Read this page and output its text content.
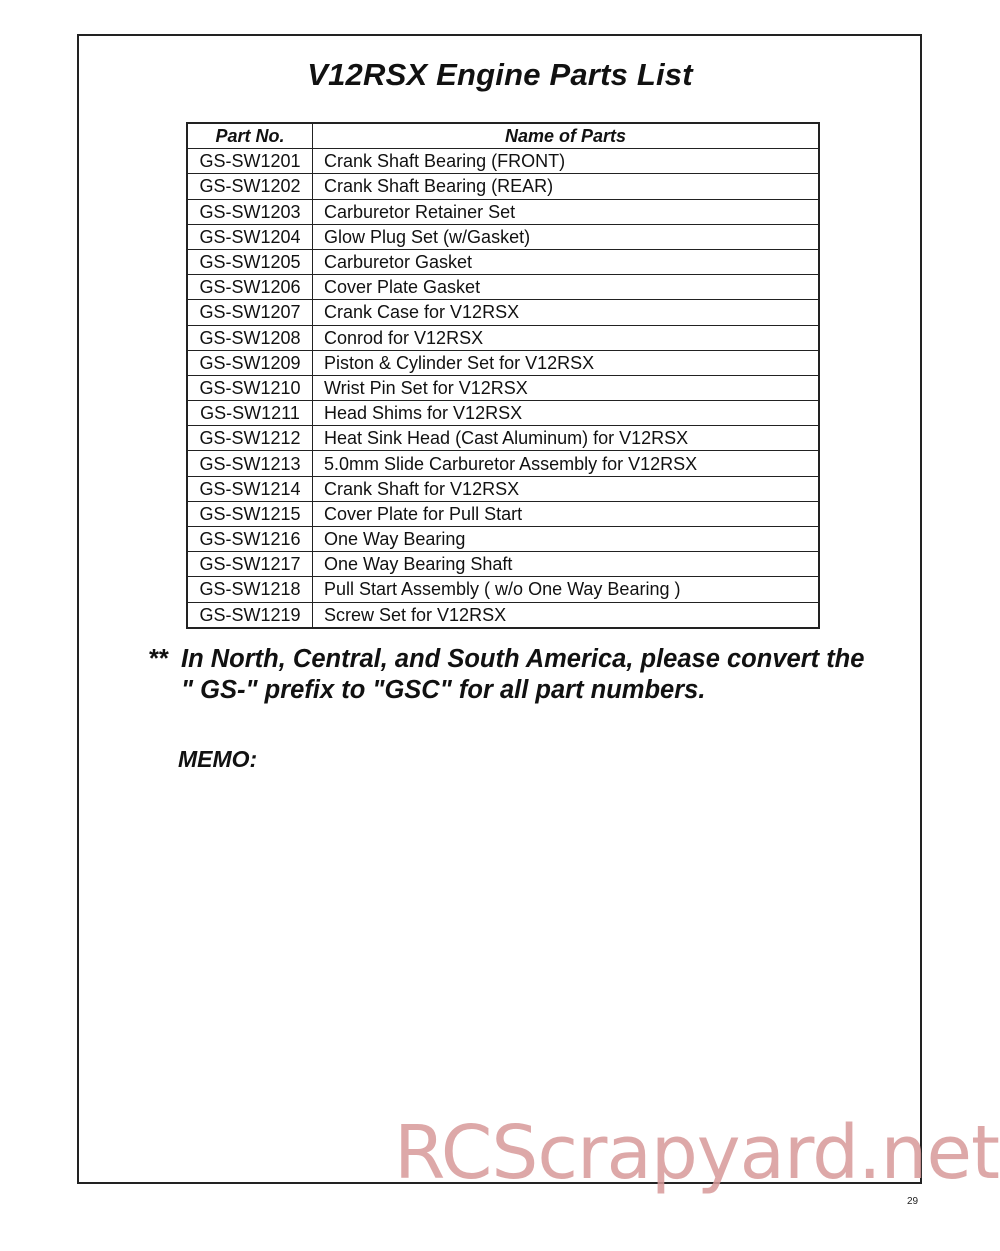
V12RSX Engine Parts List
Part No.	Name of Parts
GS-SW1201	Crank Shaft Bearing (FRONT)
GS-SW1202	Crank Shaft Bearing (REAR)
GS-SW1203	Carburetor Retainer Set
GS-SW1204	Glow Plug Set (w/Gasket)
GS-SW1205	Carburetor Gasket
GS-SW1206	Cover Plate Gasket
GS-SW1207	Crank Case for V12RSX
GS-SW1208	Conrod for V12RSX
GS-SW1209	Piston & Cylinder Set for V12RSX
GS-SW1210	Wrist Pin Set for V12RSX
GS-SW1211	Head Shims for V12RSX
GS-SW1212	Heat Sink Head (Cast Aluminum) for V12RSX
GS-SW1213	5.0mm Slide Carburetor Assembly for V12RSX
GS-SW1214	Crank Shaft for V12RSX
GS-SW1215	Cover Plate for Pull Start
GS-SW1216	One Way Bearing
GS-SW1217	One Way Bearing Shaft
GS-SW1218	Pull Start Assembly ( w/o One Way Bearing )
GS-SW1219	Screw Set for V12RSX
** In North, Central, and South America, please convert the " GS-" prefix to "GSC" for all part numbers.
MEMO:
RCScrapyard.net
29
